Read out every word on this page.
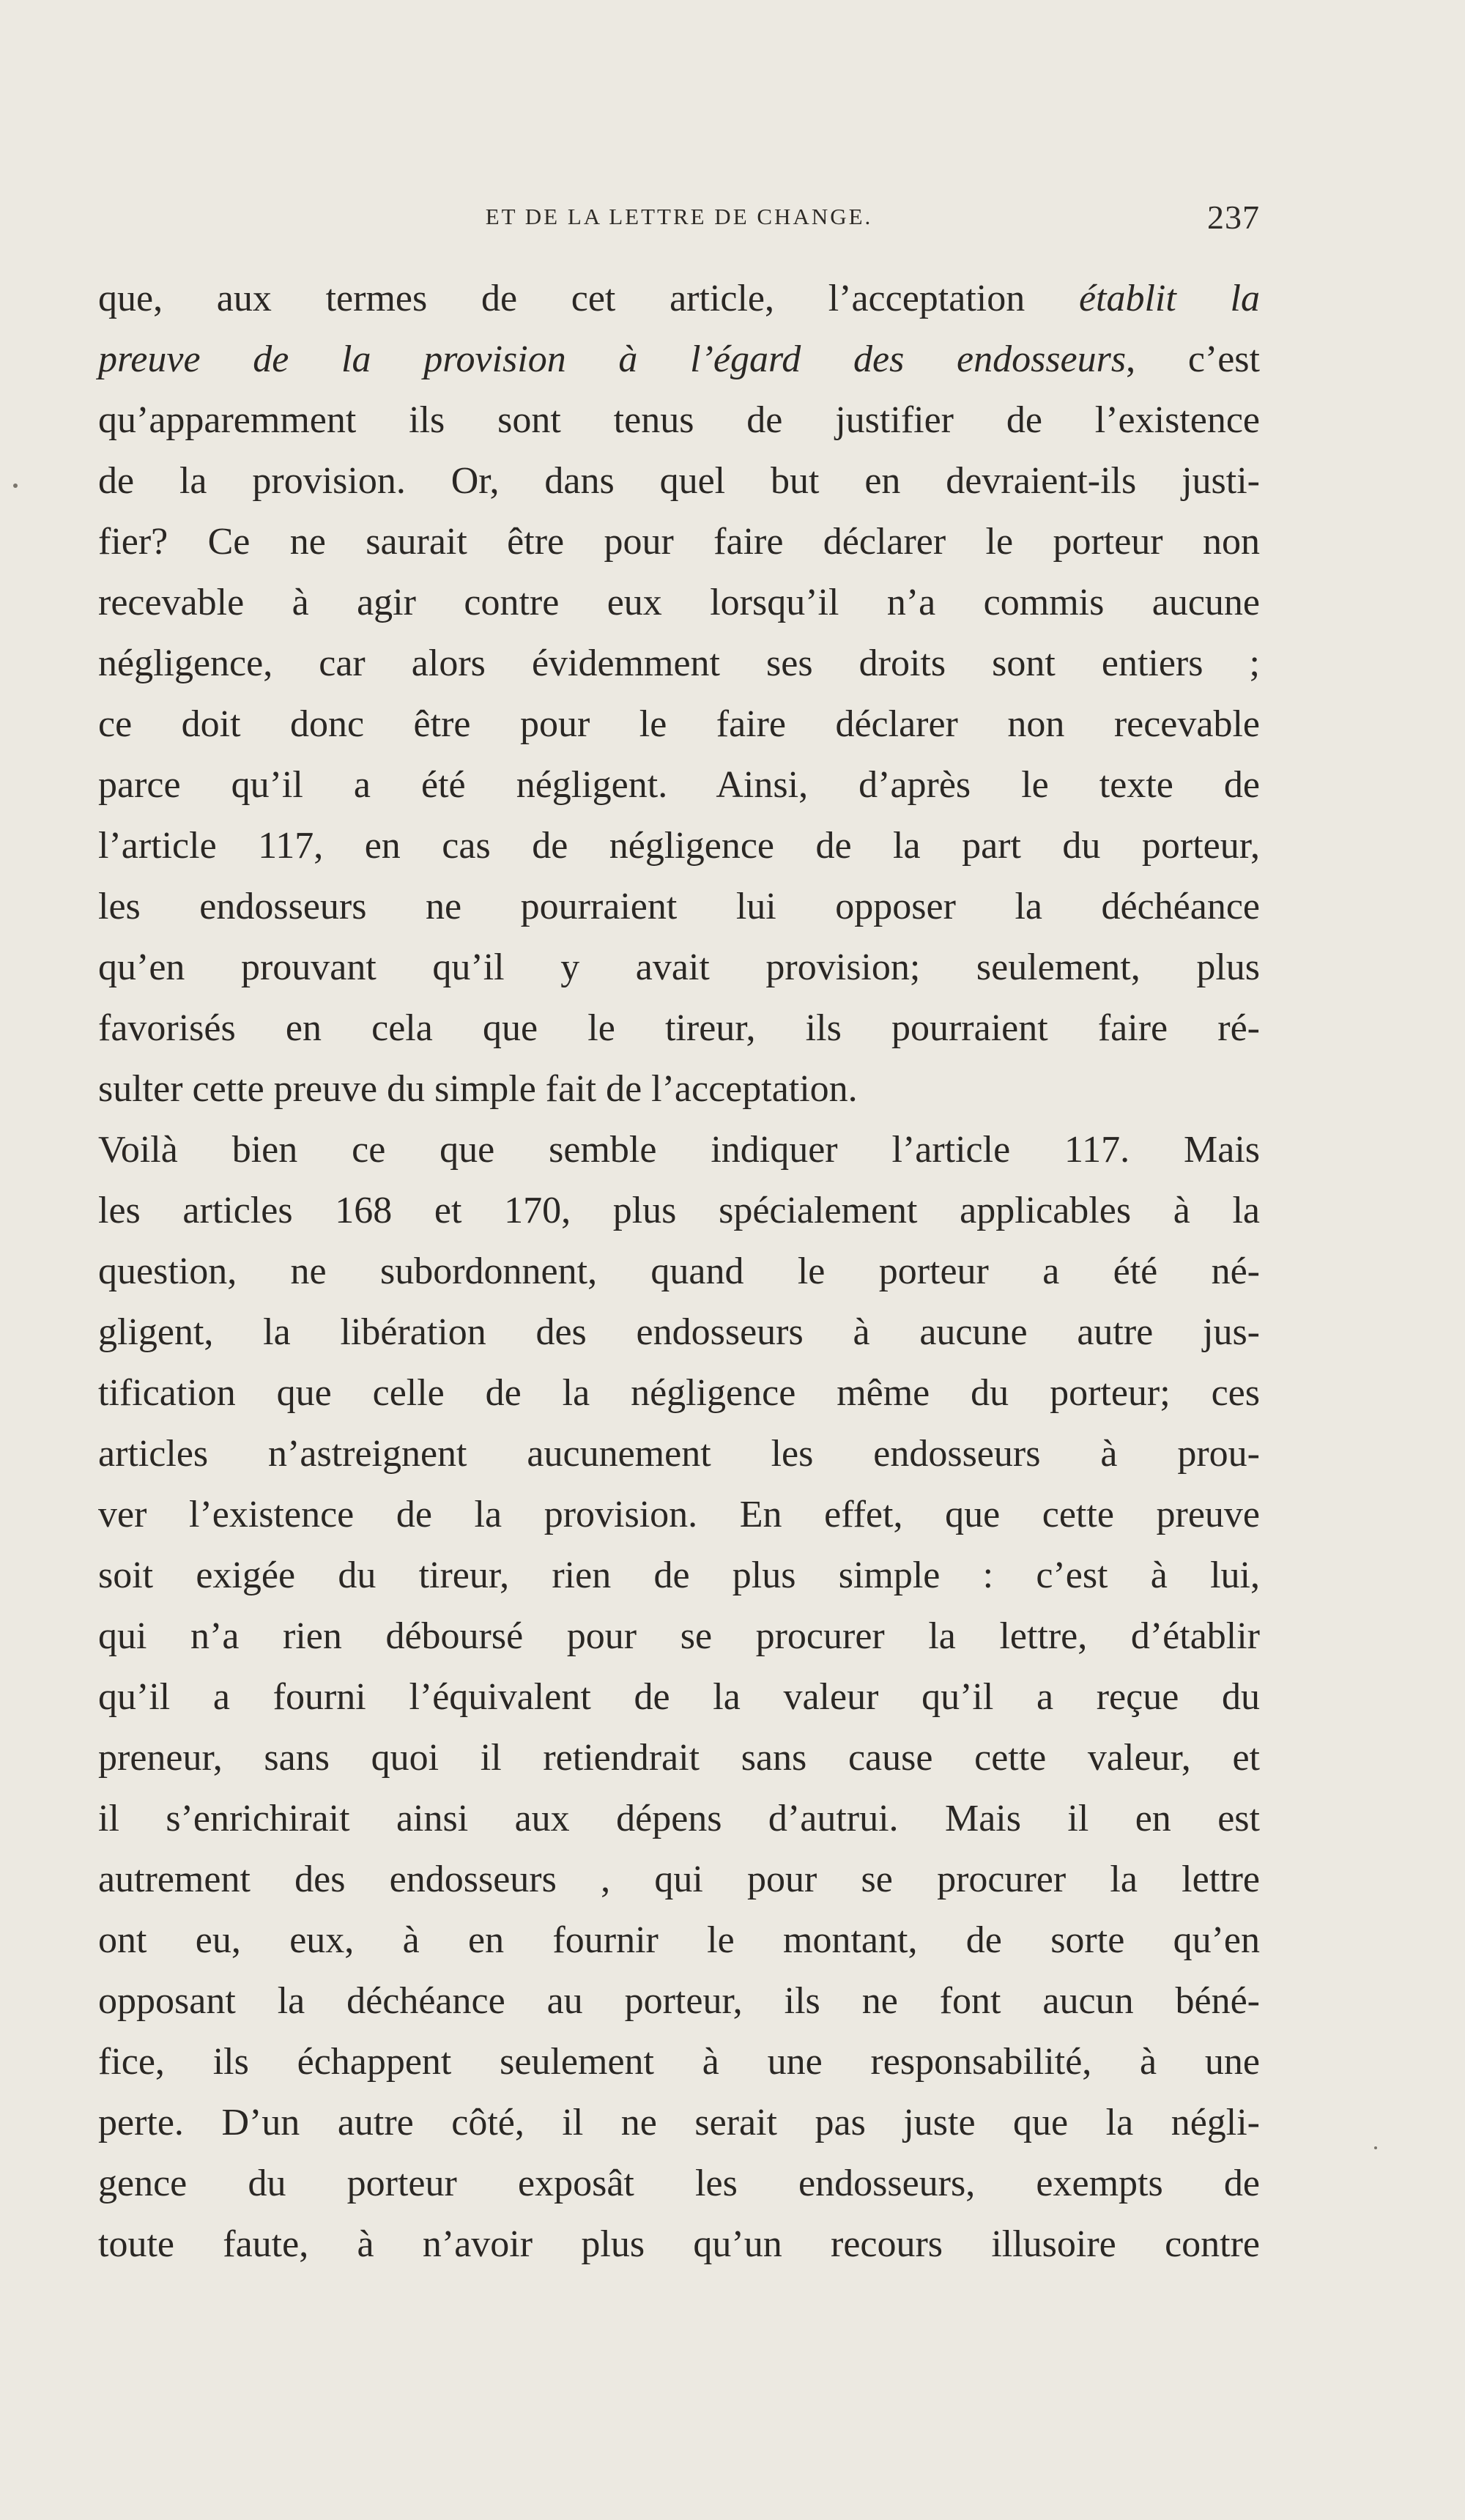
ET DE LA LETTRE DE CHANGE.	237
que, aux termes de cet article, l’acceptation établit la
preuve de la provision à l’égard des endosseurs, c’est
qu’apparemment ils sont tenus de justifier de l’existence
de la provision. Or, dans quel but en devraient-ils justi-
fier? Ce ne saurait être pour faire déclarer le porteur non
recevable à agir contre eux lorsqu’il n’a commis aucune
négligence, car alors évidemment ses droits sont entiers ;
ce doit donc être pour le faire déclarer non recevable
parce qu’il a été négligent. Ainsi, d’après le texte de
l’article 117, en cas de négligence de la part du porteur,
les endosseurs ne pourraient lui opposer la déchéance
qu’en prouvant qu’il y avait provision; seulement, plus
favorisés en cela que le tireur, ils pourraient faire ré-
sulter cette preuve du simple fait de l’acceptation.
Voilà bien ce que semble indiquer l’article 117. Mais
les articles 168 et 170, plus spécialement applicables à la
question, ne subordonnent, quand le porteur a été né-
gligent, la libération des endosseurs à aucune autre jus-
tification que celle de la négligence même du porteur; ces
articles n’astreignent aucunement les endosseurs à prou-
ver l’existence de la provision. En effet, que cette preuve
soit exigée du tireur, rien de plus simple : c’est à lui,
qui n’a rien déboursé pour se procurer la lettre, d’établir
qu’il a fourni l’équivalent de la valeur qu’il a reçue du
preneur, sans quoi il retiendrait sans cause cette valeur, et
il s’enrichirait ainsi aux dépens d’autrui. Mais il en est
autrement des endosseurs , qui pour se procurer la lettre
ont eu, eux, à en fournir le montant, de sorte qu’en
opposant la déchéance au porteur, ils ne font aucun béné-
fice, ils échappent seulement à une responsabilité, à une
perte. D’un autre côté, il ne serait pas juste que la négli-
gence du porteur exposât les endosseurs, exempts de
toute faute, à n’avoir plus qu’un recours illusoire contre
